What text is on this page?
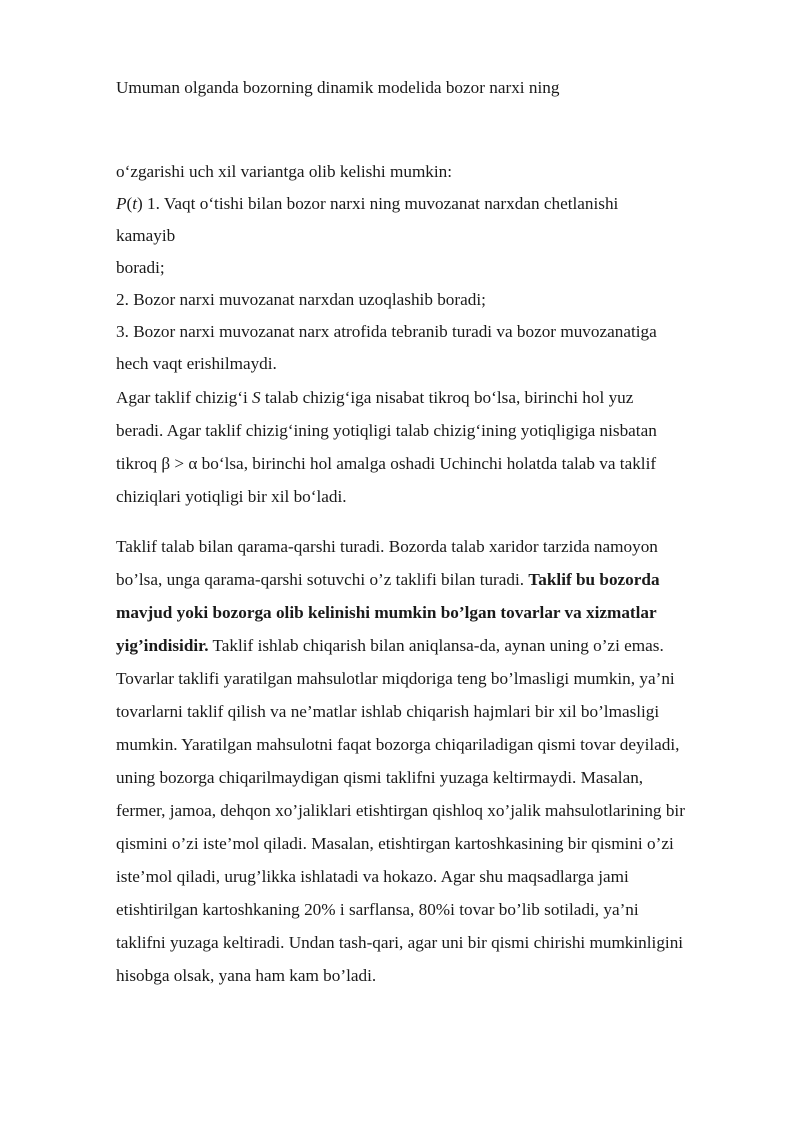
Umuman olganda bozorning dinamik modelida bozor narxi ning
o‘zgarishi uch xil variantga olib kelishi mumkin:
P(t) 1. Vaqt o‘tishi bilan bozor narxi ning muvozanat narxdan chetlanishi
kamayib
boradi;
2. Bozor narxi muvozanat narxdan uzoqlashib boradi;
3. Bozor narxi muvozanat narx atrofida tebranib turadi va bozor muvozanatiga
hech vaqt erishilmaydi.
Agar taklif chizig‘i S talab chizig‘iga nisabat tikroq bo‘lsa, birinchi hol yuz
beradi. Agar taklif chizig‘ining yotiqligi talab chizig‘ining yotiqligiga nisbatan
tikroq β > α bo‘lsa, birinchi hol amalga oshadi Uchinchi holatda talab va taklif
chiziqlari yotiqligi bir xil bo‘ladi.
Taklif talab bilan qarama-qarshi turadi. Bozorda talab xaridor tarzida namoyon
bo’lsa, unga qarama-qarshi sotuvchi o’z taklifi bilan turadi. Taklif bu bozorda
mavjud yoki bozorga olib kelinishi mumkin bo’lgan tovarlar va xizmatlar
yig’indisidir. Taklif ishlab chiqarish bilan aniqlansa-da, aynan uning o’zi emas.
Tovarlar taklifi yaratilgan mahsulotlar miqdoriga teng bo’lmasligi mumkin, ya’ni
tovarlarni taklif qilish va ne’matlar ishlab chiqarish hajmlari bir xil bo’lmasligi
mumkin. Yaratilgan mahsulotni faqat bozorga chiqariladigan qismi tovar deyiladi,
uning bozorga chiqarilmaydigan qismi taklifni yuzaga keltirmaydi. Masalan,
fermer, jamoa, dehqon xo’jaliklari etishtirgan qishloq xo’jalik mahsulotlarining bir
qismini o’zi iste’mol qiladi. Masalan, etishtirgan kartoshkasining bir qismini o’zi
iste’mol qiladi, urug’likka ishlatadi va hokazo. Agar shu maqsadlarga jami
etishtirilgan kartoshkaning 20% i sarflansa, 80%i tovar bo’lib sotiladi, ya’ni
taklifni yuzaga keltiradi. Undan tash-qari, agar uni bir qismi chirishi mumkinligini
hisobga olsak, yana ham kam bo’ladi.
